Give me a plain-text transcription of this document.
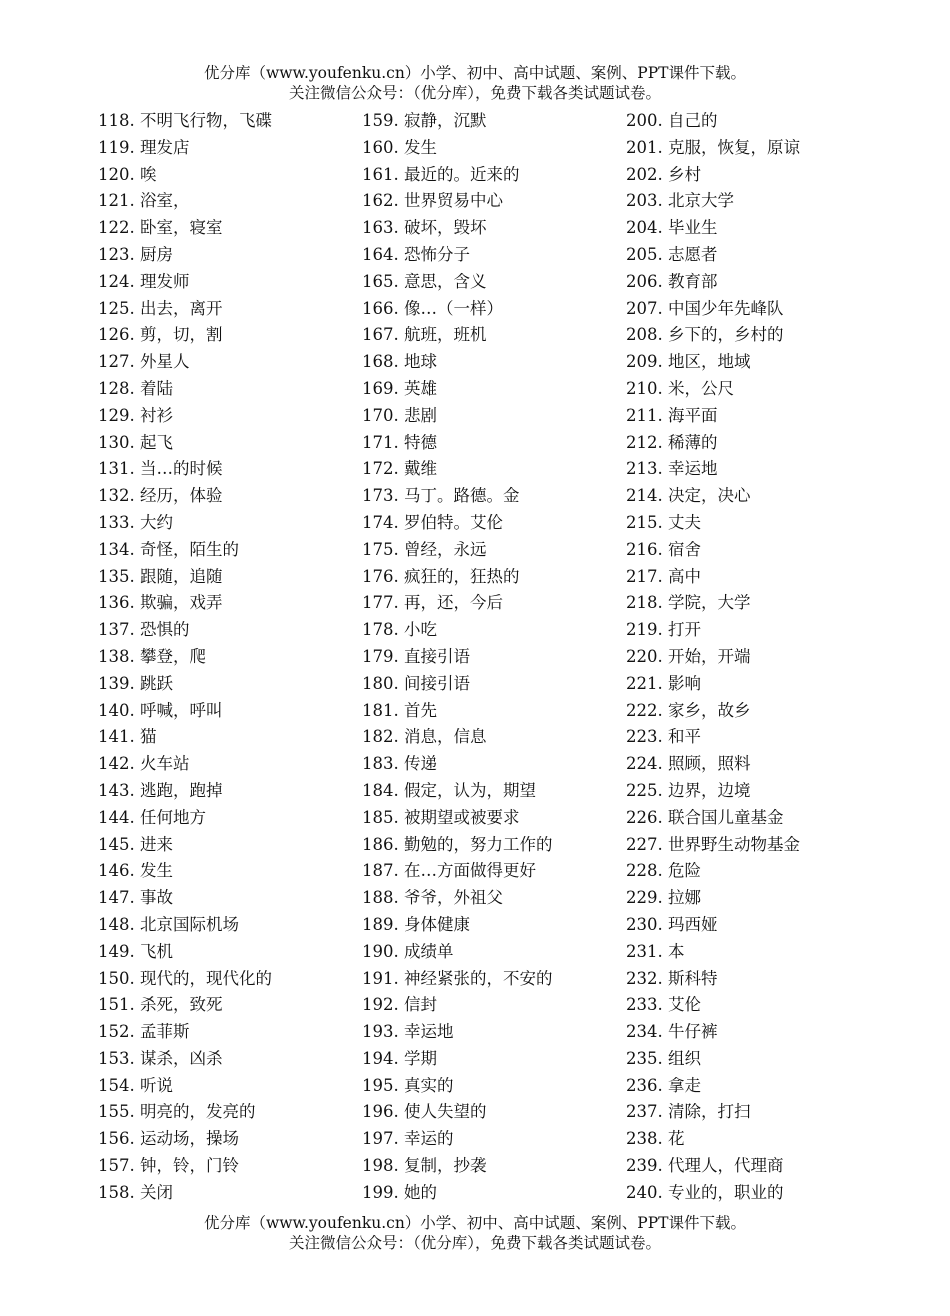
优分库（www.youfenku.cn）小学、初中、高中试题、案例、PPT课件下载。
关注微信公众号：（优分库），免费下载各类试题试卷。
118. 不明飞行物，飞碟
119. 理发店
120. 唉
121. 浴室，
122. 卧室，寝室
123. 厨房
124. 理发师
125. 出去，离开
126. 剪，切，割
127. 外星人
128. 着陆
129. 衬衫
130. 起飞
131. 当…的时候
132. 经历，体验
133. 大约
134. 奇怪，陌生的
135. 跟随，追随
136. 欺骗，戏弄
137. 恐惧的
138. 攀登，爬
139. 跳跃
140. 呼喊，呼叫
141. 猫
142. 火车站
143. 逃跑，跑掉
144. 任何地方
145. 进来
146. 发生
147. 事故
148. 北京国际机场
149. 飞机
150. 现代的，现代化的
151. 杀死，致死
152. 孟菲斯
153. 谋杀，凶杀
154. 听说
155. 明亮的，发亮的
156. 运动场，操场
157. 钟，铃，门铃
158. 关闭
159. 寂静，沉默
160. 发生
161. 最近的。近来的
162. 世界贸易中心
163. 破坏，毁坏
164. 恐怖分子
165. 意思，含义
166. 像…（一样）
167. 航班，班机
168. 地球
169. 英雄
170. 悲剧
171. 特德
172. 戴维
173. 马丁。路德。金
174. 罗伯特。艾伦
175. 曾经，永远
176. 疯狂的，狂热的
177. 再，还，今后
178. 小吃
179. 直接引语
180. 间接引语
181. 首先
182. 消息，信息
183. 传递
184. 假定，认为，期望
185. 被期望或被要求
186. 勤勉的，努力工作的
187. 在…方面做得更好
188. 爷爷，外祖父
189. 身体健康
190. 成绩单
191. 神经紧张的，不安的
192. 信封
193. 幸运地
194. 学期
195. 真实的
196. 使人失望的
197. 幸运的
198. 复制，抄袭
199. 她的
200. 自己的
201. 克服，恢复，原谅
202. 乡村
203. 北京大学
204. 毕业生
205. 志愿者
206. 教育部
207. 中国少年先峰队
208. 乡下的，乡村的
209. 地区，地域
210. 米，公尺
211. 海平面
212. 稀薄的
213. 幸运地
214. 决定，决心
215. 丈夫
216. 宿舍
217. 高中
218. 学院，大学
219. 打开
220. 开始，开端
221. 影响
222. 家乡，故乡
223. 和平
224. 照顾，照料
225. 边界，边境
226. 联合国儿童基金
227. 世界野生动物基金
228. 危险
229. 拉娜
230. 玛西娅
231. 本
232. 斯科特
233. 艾伦
234. 牛仔裤
235. 组织
236. 拿走
237. 清除，打扫
238. 花
239. 代理人，代理商
240. 专业的，职业的
优分库（www.youfenku.cn）小学、初中、高中试题、案例、PPT课件下载。
关注微信公众号：（优分库），免费下载各类试题试卷。
